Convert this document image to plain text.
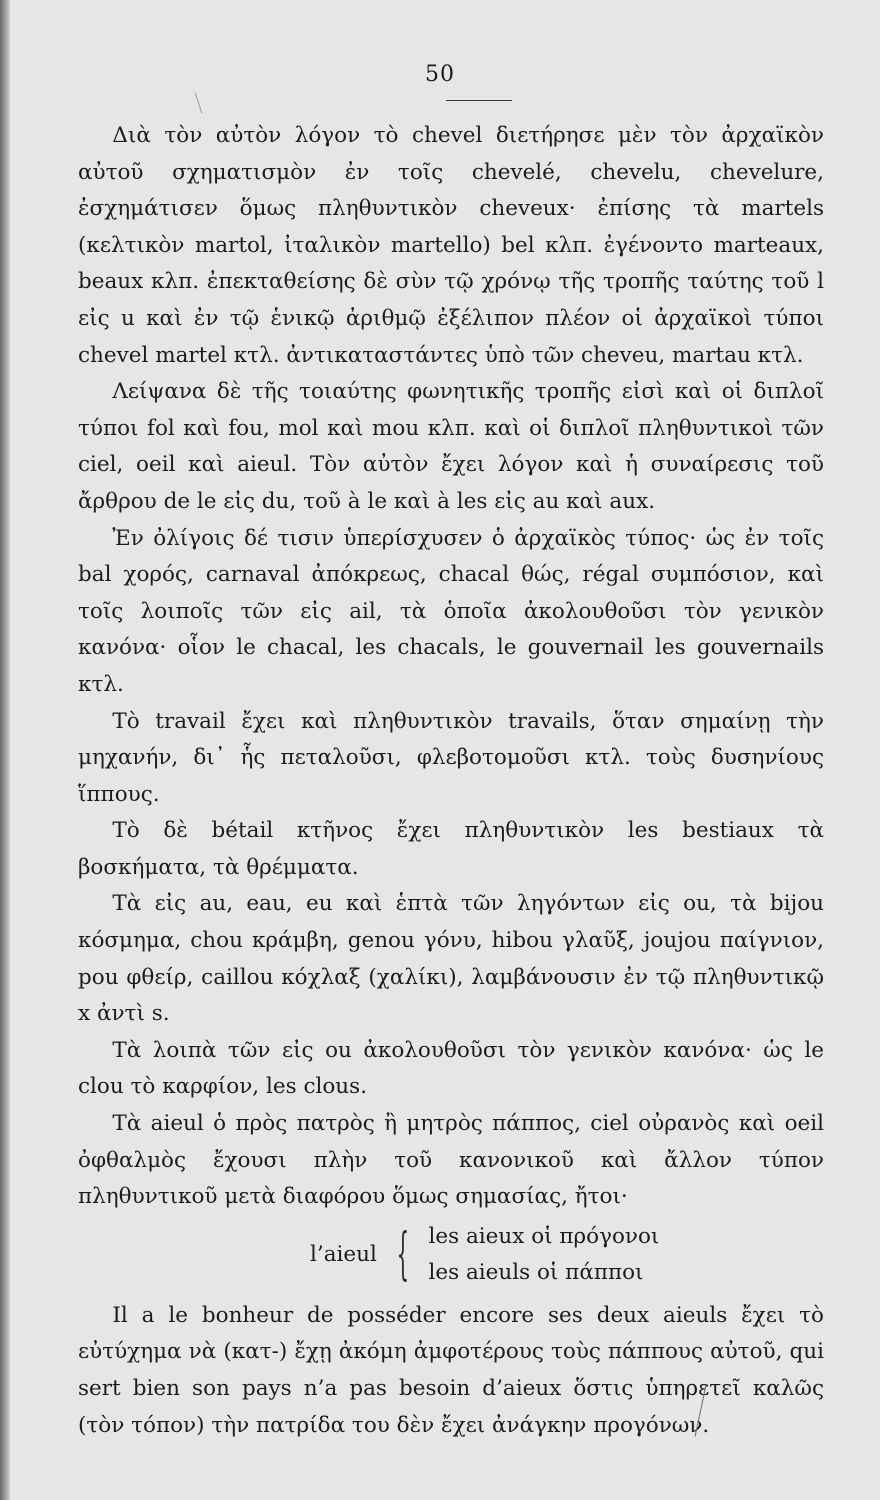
50

Διὰ τὸν αὐτὸν λόγον τὸ chevel διετήρησε μὲν τὸν ἀρχαϊκὸν αὐτοῦ σχηματισμὸν ἐν τοῖς chevelé, chevelu, chevelure, ἐσχημάτισεν ὅμως πληθυντικὸν cheveux· ἐπίσης τὰ martels (κελτικὸν martol, ἰταλικὸν martello) bel κλπ. ἐγένοντο marteaux, beaux κλπ. ἐπεκταθείσης δὲ σὺν τῷ χρόνῳ τῆς τροπῆς ταύτης τοῦ l εἰς u καὶ ἐν τῷ ἑνικῷ ἀριθμῷ ἐξέλιπον πλέον οἱ ἀρχαϊκοὶ τύποι chevel martel κτλ. ἀντικαταστάντες ὑπὸ τῶν cheveu, martau κτλ.

Λείψανα δὲ τῆς τοιαύτης φωνητικῆς τροπῆς εἰσὶ καὶ οἱ διπλοῖ τύποι fol καὶ fou, mol καὶ mou κλπ. καὶ οἱ διπλοῖ πληθυντικοὶ τῶν ciel, oeil καὶ aieul. Τὸν αὐτὸν ἔχει λόγον καὶ ἡ συναίρεσις τοῦ ἄρθρου de le εἰς du, τοῦ à le καὶ à les εἰς au καὶ aux.

Ἐν ὀλίγοις δέ τισιν ὑπερίσχυσεν ὁ ἀρχαϊκὸς τύπος· ὡς ἐν τοῖς bal χορός, carnaval ἀπόκρεως, chacal θώς, régal συμπόσιον, καὶ τοῖς λοιποῖς τῶν εἰς ail, τὰ ὁποῖα ἀκολουθοῦσι τὸν γενικὸν κανόνα· οἷον le chacal, les chacals, le gouvernail les gouvernails κτλ.

Τὸ travail ἔχει καὶ πληθυντικὸν travails, ὅταν σημαίνῃ τὴν μηχανήν, δι᾽ ἧς πεταλοῦσι, φλεβοτομοῦσι κτλ. τοὺς δυσηνίους ἵππους.

Τὸ δὲ bétail κτῆνος ἔχει πληθυντικὸν les bestiaux τὰ βοσκήματα, τὰ θρέμματα.

Τὰ εἰς au, eau, eu καὶ ἑπτὰ τῶν ληγόντων εἰς ou, τὰ bijou κόσμημα, chou κράμβη, genou γόνυ, hibou γλαῦξ, joujou παίγνιον, pou φθείρ, caillou κόχλαξ (χαλίκι), λαμβάνουσιν ἐν τῷ πληθυντικῷ x ἀντὶ s.

Τὰ λοιπὰ τῶν εἰς ou ἀκολουθοῦσι τὸν γενικὸν κανόνα· ὡς le clou τὸ καρφίον, les clous.

Τὰ aieul ὁ πρὸς πατρὸς ἢ μητρὸς πάππος, ciel οὐρανὸς καὶ oeil ὀφθαλμὸς ἔχουσι πλὴν τοῦ κανονικοῦ καὶ ἄλλον τύπον πληθυντικοῦ μετὰ διαφόρου ὅμως σημασίας, ἤτοι·

l’aieul { les aieux οἱ πρόγονοι
les aieuls οἱ πάπποι

Il a le bonheur de posséder encore ses deux aieuls ἔχει τὸ εὐτύχημα νὰ (κατ-) ἔχῃ ἀκόμη ἀμφοτέρους τοὺς πάππους αὐτοῦ, qui sert bien son pays n’a pas besoin d’aieux ὅστις ὑπηρετεῖ καλῶς (τὸν τόπον) τὴν πατρίδα του δὲν ἔχει ἀνάγκην προγόνων.
